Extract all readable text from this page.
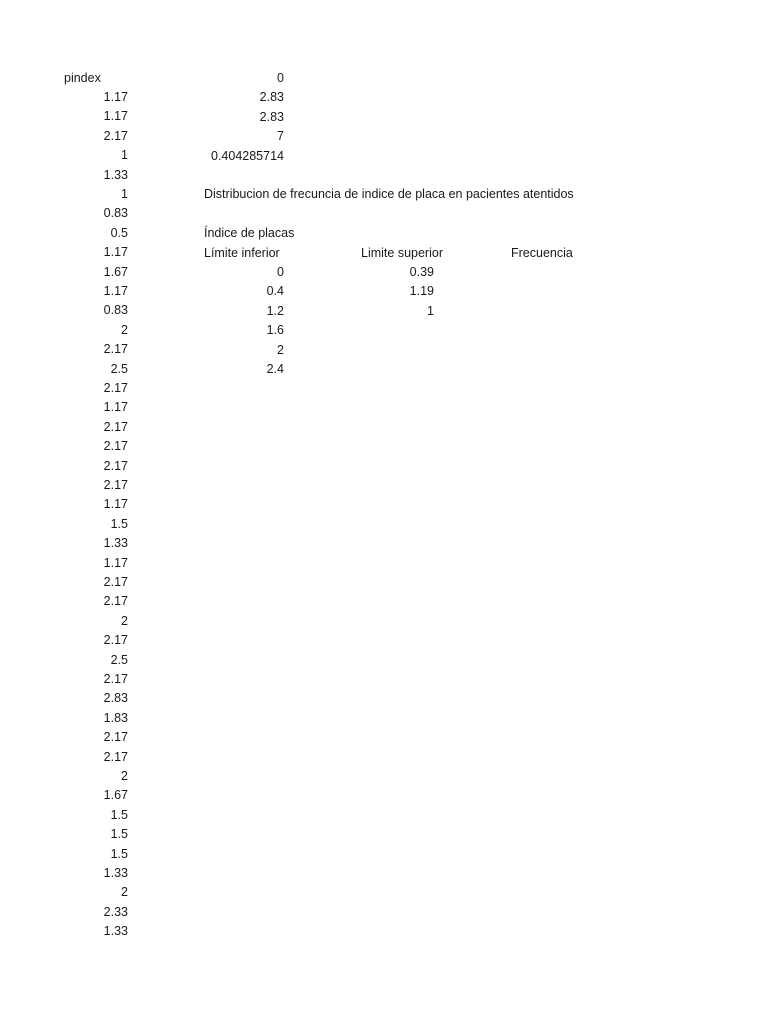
pindex
1.17
1.17
2.17
1
1.33
1
0.83
0.5
1.17
1.67
1.17
0.83
2
2.17
2.5
2.17
1.17
2.17
2.17
2.17
2.17
1.17
1.5
1.33
1.17
2.17
2.17
2
2.17
2.5
2.17
2.83
1.83
2.17
2.17
2
1.67
1.5
1.5
1.5
1.33
2
2.33
1.33
0
2.83
2.83
7
0.404285714
Distribucion de frecuncia de indice de placa en pacientes atentidos
Índice de placas
Límite inferior	Limite superior	Frecuencia
0
0.4
1.2
1.6
2
2.4
0.39
1.19
1
